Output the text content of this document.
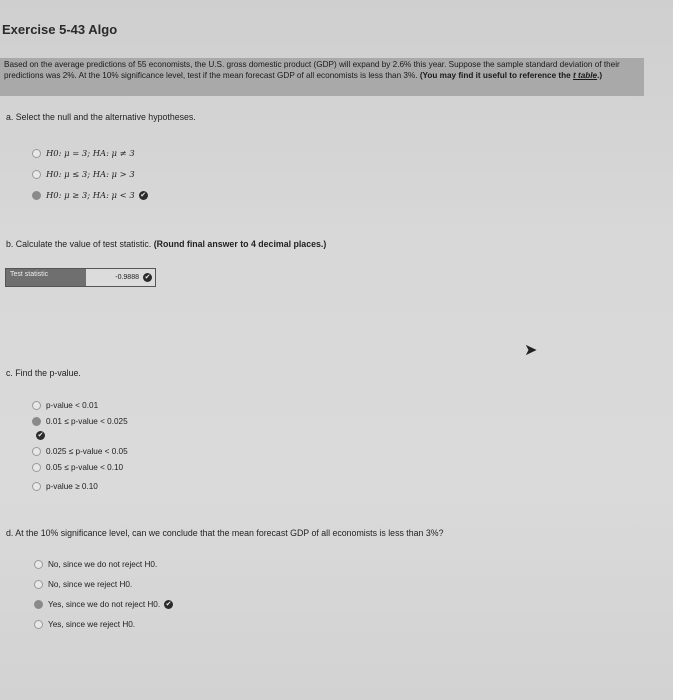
Exercise 5-43 Algo
Based on the average predictions of 55 economists, the U.S. gross domestic product (GDP) will expand by 2.6% this year. Suppose the sample standard deviation of their predictions was 2%. At the 10% significance level, test if the mean forecast GDP of all economists is less than 3%. (You may find it useful to reference the t table.)
a. Select the null and the alternative hypotheses.
H0: μ = 3; HA: μ ≠ 3
H0: μ ≤ 3; HA: μ > 3
H0: μ ≥ 3; HA: μ < 3 ✔
b. Calculate the value of test statistic. (Round final answer to 4 decimal places.)
Test statistic	-0.9888 ✔
➤
c. Find the p-value.
p-value < 0.01
0.01 ≤ p-value < 0.025
✔
0.025 ≤ p-value < 0.05
0.05 ≤ p-value < 0.10
p-value ≥ 0.10
d. At the 10% significance level, can we conclude that the mean forecast GDP of all economists is less than 3%?
No, since we do not reject H0.
No, since we reject H0.
Yes, since we do not reject H0. ✔
Yes, since we reject H0.
